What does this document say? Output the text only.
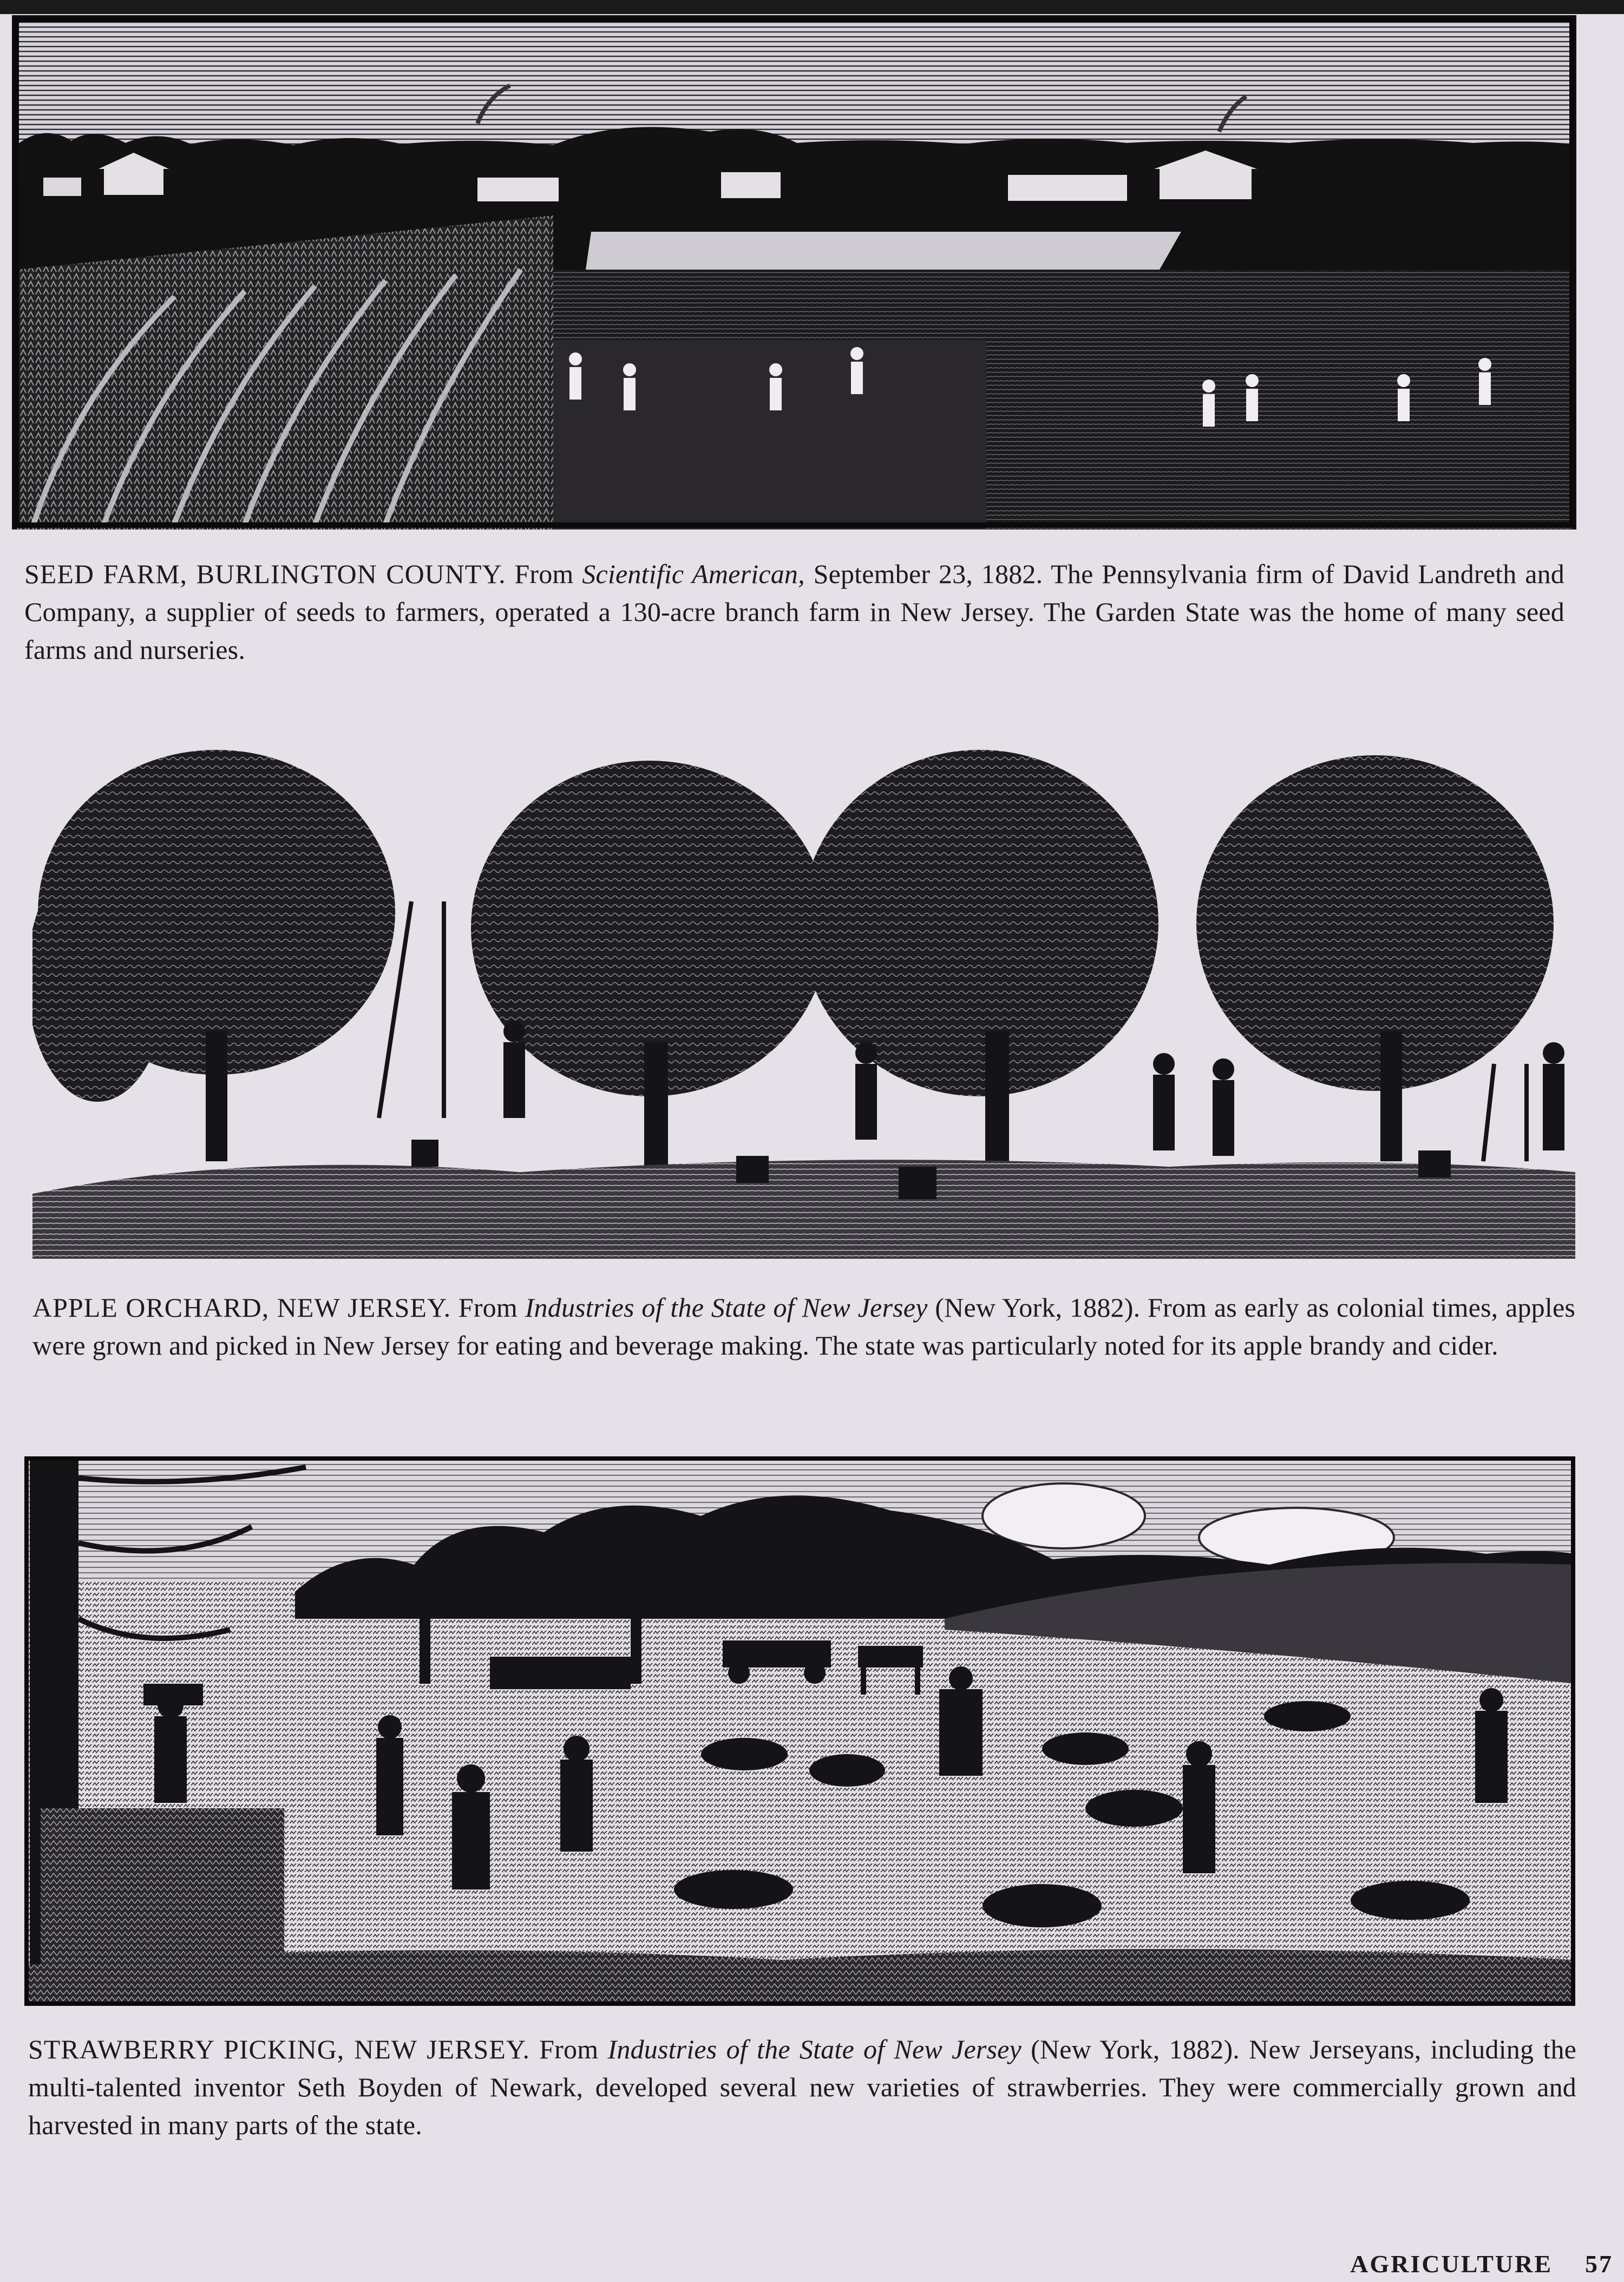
SEED FARM, BURLINGTON COUNTY. From Scientific American, September 23, 1882. The Pennsylvania firm of David Landreth and Company, a supplier of seeds to farmers, operated a 130-acre branch farm in New Jersey. The Garden State was the home of many seed farms and nurseries.
APPLE ORCHARD, NEW JERSEY. From Industries of the State of New Jersey (New York, 1882). From as early as colonial times, apples were grown and picked in New Jersey for eating and beverage making. The state was particularly noted for its apple brandy and cider.
STRAWBERRY PICKING, NEW JERSEY. From Industries of the State of New Jersey (New York, 1882). New Jerseyans, including the multi-talented inventor Seth Boyden of Newark, developed several new varieties of strawberries. They were commercially grown and harvested in many parts of the state.
AGRICULTURE 57
